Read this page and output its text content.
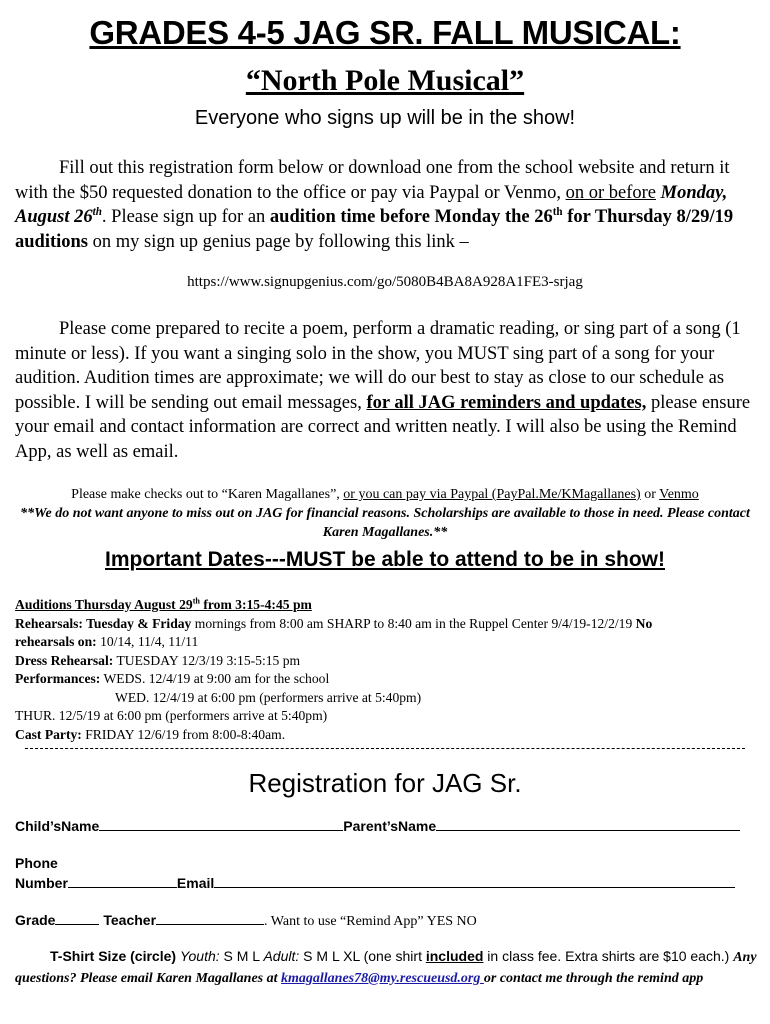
GRADES 4-5 JAG SR. FALL MUSICAL:
“North Pole Musical”
Everyone who signs up will be in the show!
Fill out this registration form below or download one from the school website and return it with the $50 requested donation to the office or pay via Paypal or Venmo, on or before Monday, August 26th. Please sign up for an audition time before Monday the 26th for Thursday 8/29/19 auditions on my sign up genius page by following this link –
https://www.signupgenius.com/go/5080B4BA8A928A1FE3-srjag
Please come prepared to recite a poem, perform a dramatic reading, or sing part of a song (1 minute or less). If you want a singing solo in the show, you MUST sing part of a song for your audition. Audition times are approximate; we will do our best to stay as close to our schedule as possible. I will be sending out email messages, for all JAG reminders and updates, please ensure your email and contact information are correct and written neatly. I will also be using the Remind App, as well as email.
Please make checks out to “Karen Magallanes”, or you can pay via Paypal (PayPal.Me/KMagallanes) or Venmo
**We do not want anyone to miss out on JAG for financial reasons. Scholarships are available to those in need. Please contact Karen Magallanes.**
Important Dates---MUST be able to attend to be in show!
Auditions Thursday August 29th from 3:15-4:45 pm
Rehearsals: Tuesday & Friday mornings from 8:00 am SHARP to 8:40 am in the Ruppel Center 9/4/19-12/2/19 No
rehearsals on: 10/14, 11/4, 11/11
Dress Rehearsal: TUESDAY 12/3/19 3:15-5:15 pm
Performances: WEDS. 12/4/19 at 9:00 am for the school
WED. 12/4/19 at 6:00 pm (performers arrive at 5:40pm)
THUR. 12/5/19 at 6:00 pm (performers arrive at 5:40pm)
Cast Party: FRIDAY 12/6/19 from 8:00-8:40am.
Registration for JAG Sr.
Child’sName	Parent’sName
Phone
Number	Email
Grade	Teacher	. Want to use “Remind App” YES NO
T-Shirt Size (circle) Youth: S M L Adult: S M L XL (one shirt included in class fee. Extra shirts are $10 each.) Any questions? Please email Karen Magallanes at kmagallanes78@my.rescueusd.org or contact me through the remind app
